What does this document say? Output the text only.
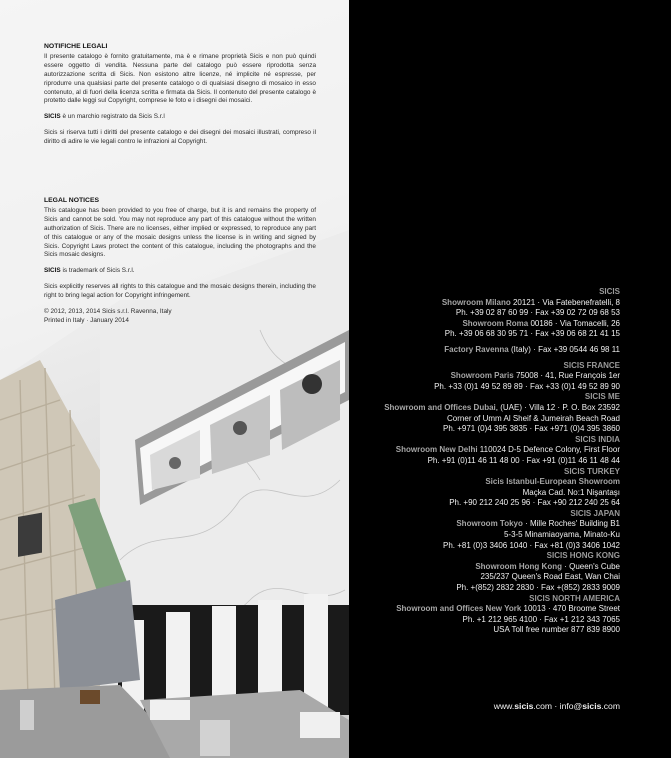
NOTIFICHE LEGALI

Il presente catalogo è fornito gratuitamente, ma è e rimane proprietà Sicis e non può quindi essere oggetto di vendita. Nessuna parte del catalogo può essere riprodotta senza autorizzazione scritta di Sicis. Non esistono altre licenze, né implicite né espresse, per riprodurre una qualsiasi parte del presente catalogo o di qualsiasi disegno di mosaico in esso contenuto, al di fuori della licenza scritta e firmata da Sicis. Il contenuto del presente catalogo è protetto dalle leggi sul Copyright, comprese le foto e i disegni dei mosaici.

SICIS è un marchio registrato da Sicis S.r.l

Sicis si riserva tutti i diritti del presente catalogo e dei disegni dei mosaici illustrati, compreso il diritto di adire le vie legali contro le infrazioni al Copyright.

LEGAL NOTICES

This catalogue has been provided to you free of charge, but it is and remains the property of Sicis and cannot be sold. You may not reproduce any part of this catalogue without the written authorization of Sicis. There are no licenses, either implied or expressed, to reproduce any part of this catalogue or any of the mosaic designs unless the license is in writing and signed by Sicis. Copyright Laws protect the content of this catalogue, including the photographs and the Sicis mosaic designs.

SICIS is trademark of Sicis S.r.l.

Sicis explicitly reserves all rights to this catalogue and the mosaic designs therein, including the right to bring legal action for Copyright infringement.

© 2012, 2013, 2014 Sicis s.r.l. Ravenna, Italy
Printed in Italy · January 2014
SICIS
Showroom Milano 20121 · Via Fatebenefratelli, 8
Ph. +39 02 87 60 99 · Fax +39 02 72 09 68 53
Showroom Roma 00186 · Via Tomacelli, 26
Ph. +39 06 68 30 95 71 · Fax +39 06 68 21 41 15
Factory Ravenna (Italy) · Fax +39 0544 46 98 11
SICIS FRANCE
Showroom Paris 75008 · 41, Rue François 1er
Ph. +33 (0)1 49 52 89 89 · Fax +33 (0)1 49 52 89 90
SICIS ME
Showroom and Offices Dubai, (UAE) · Villa 12 · P. O. Box 23592
Corner of Umm Al Sheif & Jumeirah Beach Road
Ph. +971 (0)4 395 3835 · Fax +971 (0)4 395 3860
SICIS INDIA
Showroom New Delhi 110024 D-5 Defence Colony, First Floor
Ph. +91 (0)11 46 11 48 00 · Fax +91 (0)11 46 11 48 44
SICIS TURKEY
Sicis Istanbul-European Showroom
Maçka Cad. No:1 Nişantaşı
Ph. +90 212 240 25 96 · Fax +90 212 240 25 64
SICIS JAPAN
Showroom Tokyo · Mille Roches' Building B1
5-3-5 Minamiaoyama, Minato-Ku
Ph. +81 (0)3 3406 1040 · Fax +81 (0)3 3406 1042
SICIS HONG KONG
Showroom Hong Kong · Queen's Cube
235/237 Queen's Road East, Wan Chai
Ph. +(852) 2832 2830 · Fax +(852) 2833 9009
SICIS NORTH AMERICA
Showroom and Offices New York 10013 · 470 Broome Street
Ph. +1 212 965 4100 · Fax +1 212 343 7065
USA Toll free number 877 839 8900
www.sicis.com · info@sicis.com
